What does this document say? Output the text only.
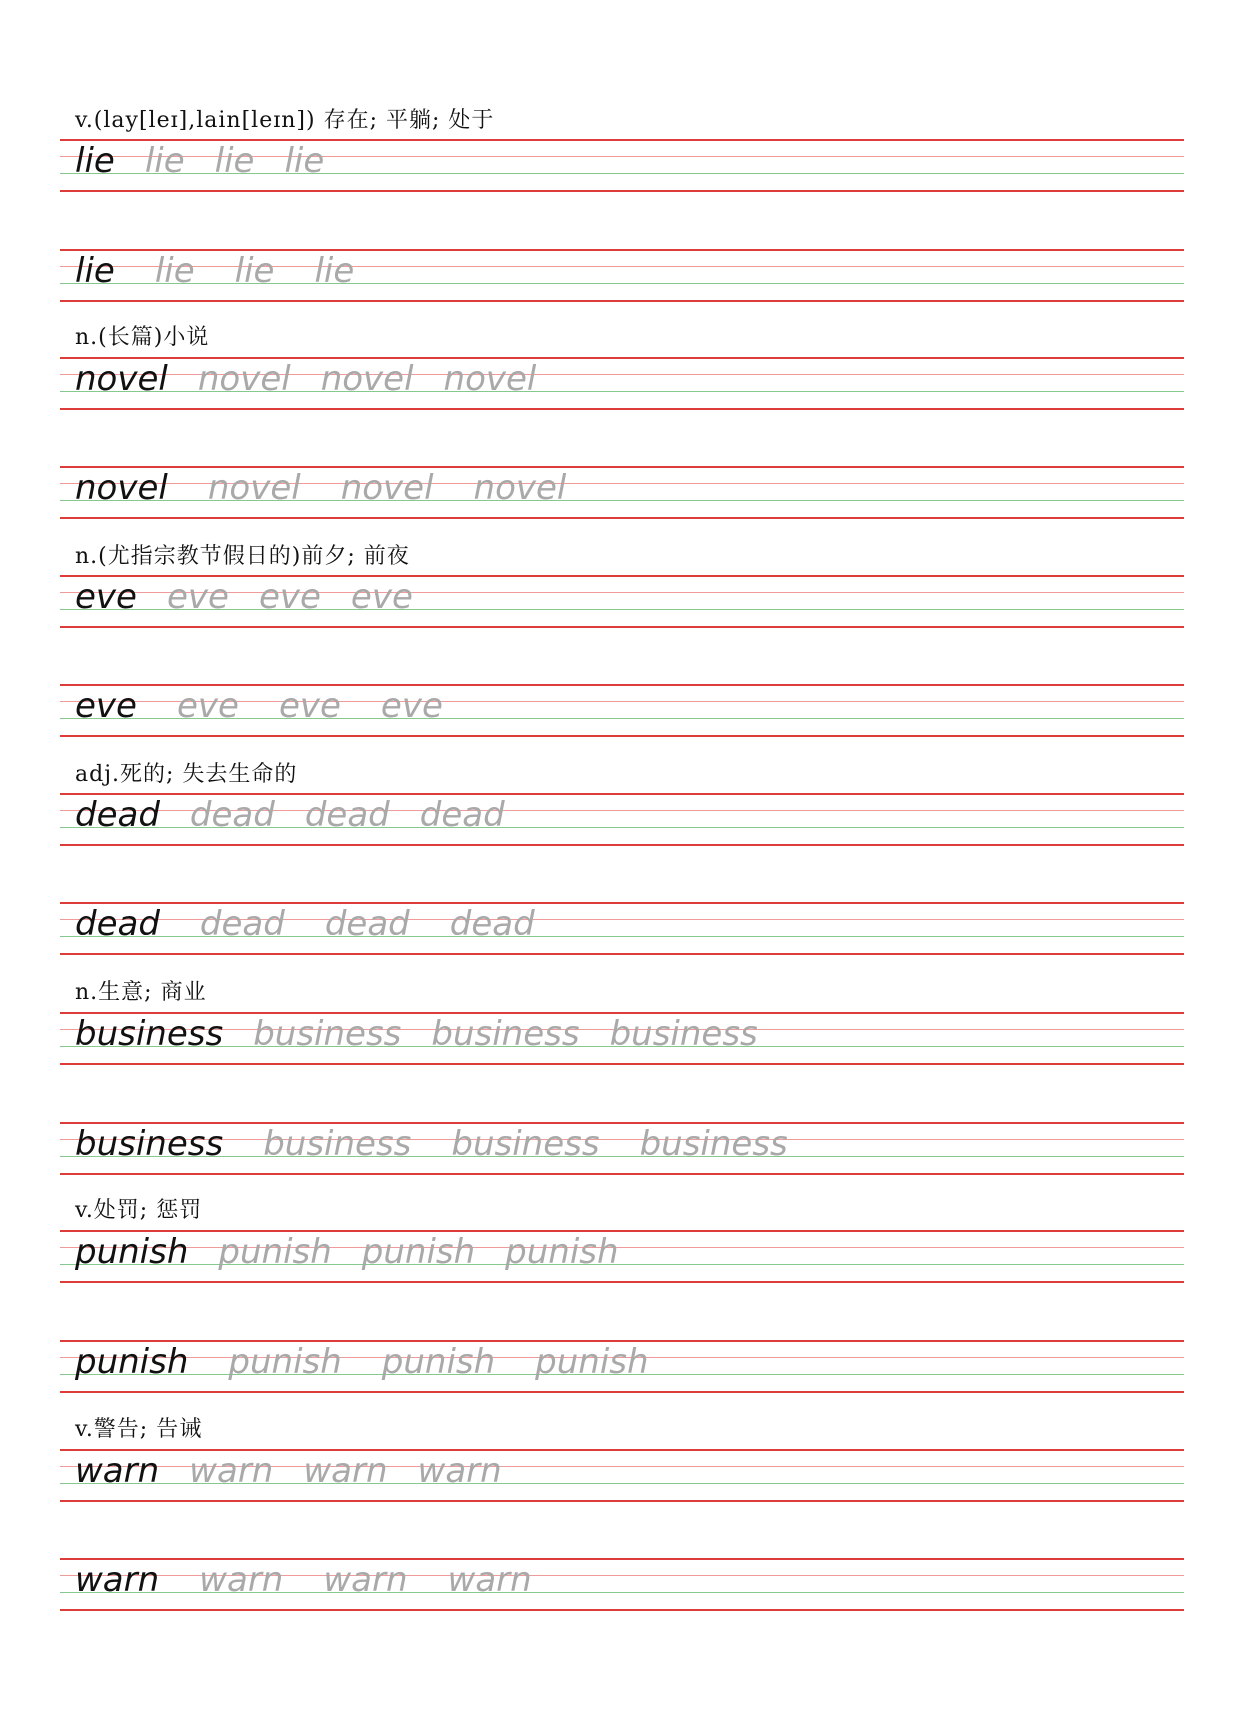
v.(lay[leɪ],lain[leɪn]) 存在; 平躺; 处于
lie lie lie lie
lie lie lie lie
n.(长篇)小说
novel novel novel novel
novel novel novel novel
n.(尤指宗教节假日的)前夕; 前夜
eve eve eve eve
eve eve eve eve
adj.死的; 失去生命的
dead dead dead dead
dead dead dead dead
n.生意; 商业
business business business business
business business business business
v.处罚; 惩罚
punish punish punish punish
punish punish punish punish
v.警告; 告诫
warn warn warn warn
warn warn warn warn
